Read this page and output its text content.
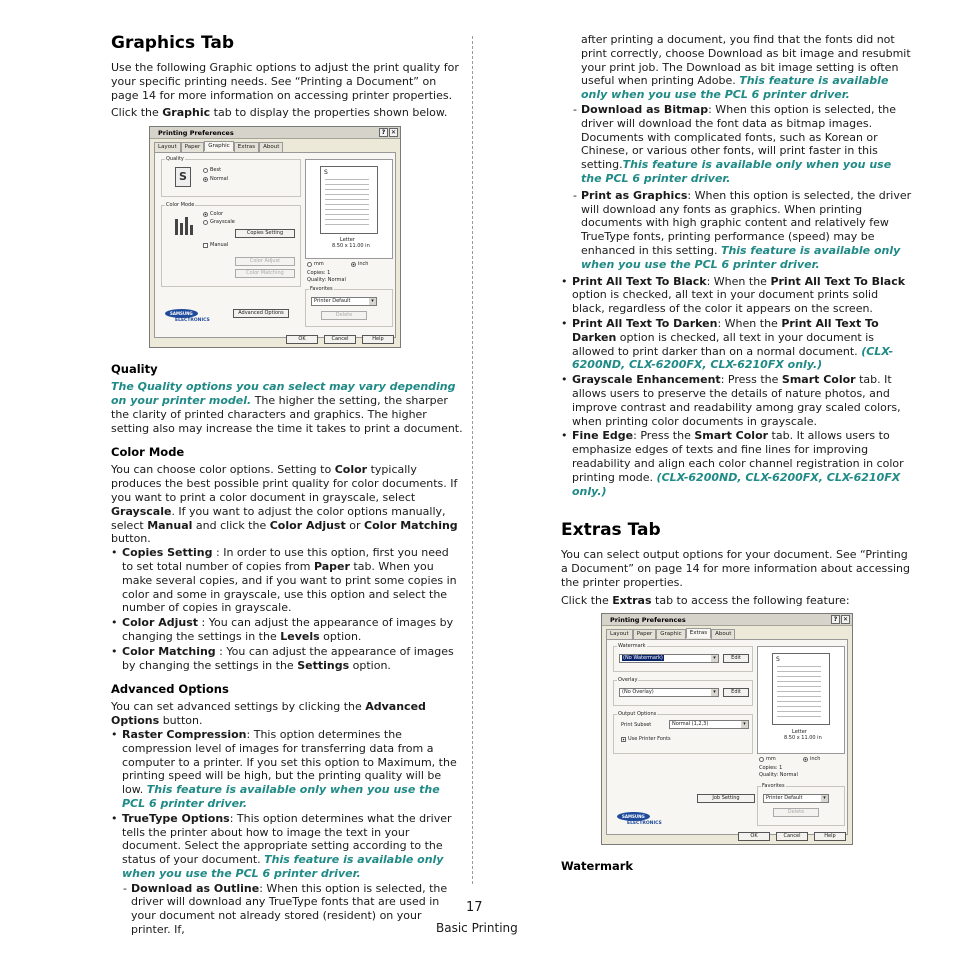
Graphics Tab

Use the following Graphic options to adjust the print quality for your specific printing needs. See “Printing a Document” on page 14 for more information on accessing printer properties.

Click the Graphic tab to display the properties shown below.

Printing Preferences	? ✕
Layout	Paper	Graphic	Extras	About
Quality
S	Best
Normal
Color Mode
Color
Grayscale
Copies Setting
Manual
Color Adjust
Color Matching
S
Letter
8.50 x 11.00 in
mm	inch
Copies: 1
Quality: Normal
Favorites
Printer Default ▾
Delete
SAMSUNG
ELECTRONICS
Advanced Options
OK	Cancel	Help
Quality

The Quality options you can select may vary depending on your printer model. The higher the setting, the sharper the clarity of printed characters and graphics. The higher setting also may increase the time it takes to print a document.

Color Mode

You can choose color options. Setting to Color typically produces the best possible print quality for color documents. If you want to print a color document in grayscale, select Grayscale. If you want to adjust the color options manually, select Manual and click the Color Adjust or Color Matching button.

• Copies Setting : In order to use this option, first you need to set total number of copies from Paper tab. When you make several copies, and if you want to print some copies in color and some in grayscale, use this option and select the number of copies in grayscale.
• Color Adjust : You can adjust the appearance of images by changing the settings in the Levels option.
• Color Matching : You can adjust the appearance of images by changing the settings in the Settings option.
Advanced Options

You can set advanced settings by clicking the Advanced Options button.

• Raster Compression: This option determines the compression level of images for transferring data from a computer to a printer. If you set this option to Maximum, the printing speed will be high, but the printing quality will be low. This feature is available only when you use the PCL 6 printer driver.
• TrueType Options: This option determines what the driver tells the printer about how to image the text in your document. Select the appropriate setting according to the status of your document. This feature is available only when you use the PCL 6 printer driver.
- Download as Outline: When this option is selected, the driver will download any TrueType fonts that are used in your document not already stored (resident) on your printer. If,
after printing a document, you find that the fonts did not print correctly, choose Download as bit image and resubmit your print job. The Download as bit image setting is often useful when printing Adobe. This feature is available only when you use the PCL 6 printer driver.
- Download as Bitmap: When this option is selected, the driver will download the font data as bitmap images. Documents with complicated fonts, such as Korean or Chinese, or various other fonts, will print faster in this setting.This feature is available only when you use the PCL 6 printer driver.
- Print as Graphics: When this option is selected, the driver will download any fonts as graphics. When printing documents with high graphic content and relatively few TrueType fonts, printing performance (speed) may be enhanced in this setting. This feature is available only when you use the PCL 6 printer driver.
• Print All Text To Black: When the Print All Text To Black option is checked, all text in your document prints solid black, regardless of the color it appears on the screen.
• Print All Text To Darken: When the Print All Text To Darken option is checked, all text in your document is allowed to print darker than on a normal document. (CLX-6200ND, CLX-6200FX, CLX-6210FX only.)
• Grayscale Enhancement: Press the Smart Color tab. It allows users to preserve the details of nature photos, and improve contrast and readability among gray scaled colors, when printing color documents in grayscale.
• Fine Edge: Press the Smart Color tab. It allows users to emphasize edges of texts and fine lines for improving readability and align each color channel registration in color printing mode. (CLX-6200ND, CLX-6200FX, CLX-6210FX only.)
Extras Tab

You can select output options for your document. See “Printing a Document” on page 14 for more information about accessing the printer properties.

Click the Extras tab to access the following feature:

Printing Preferences	? ✕
Layout	Paper	Graphic	Extras	About
Watermark
(No Watermark) ▾	Edit
Overlay
(No Overlay) ▾	Edit
Output Options
Print Subset	Normal (1,2,3) ▾
Use Printer Fonts
S
Letter
8.50 x 11.00 in
mm	inch
Copies: 1
Quality: Normal
Favorites
Printer Default ▾
Delete
Job Setting
SAMSUNG
ELECTRONICS
OK	Cancel	Help
Watermark
17
Basic Printing
